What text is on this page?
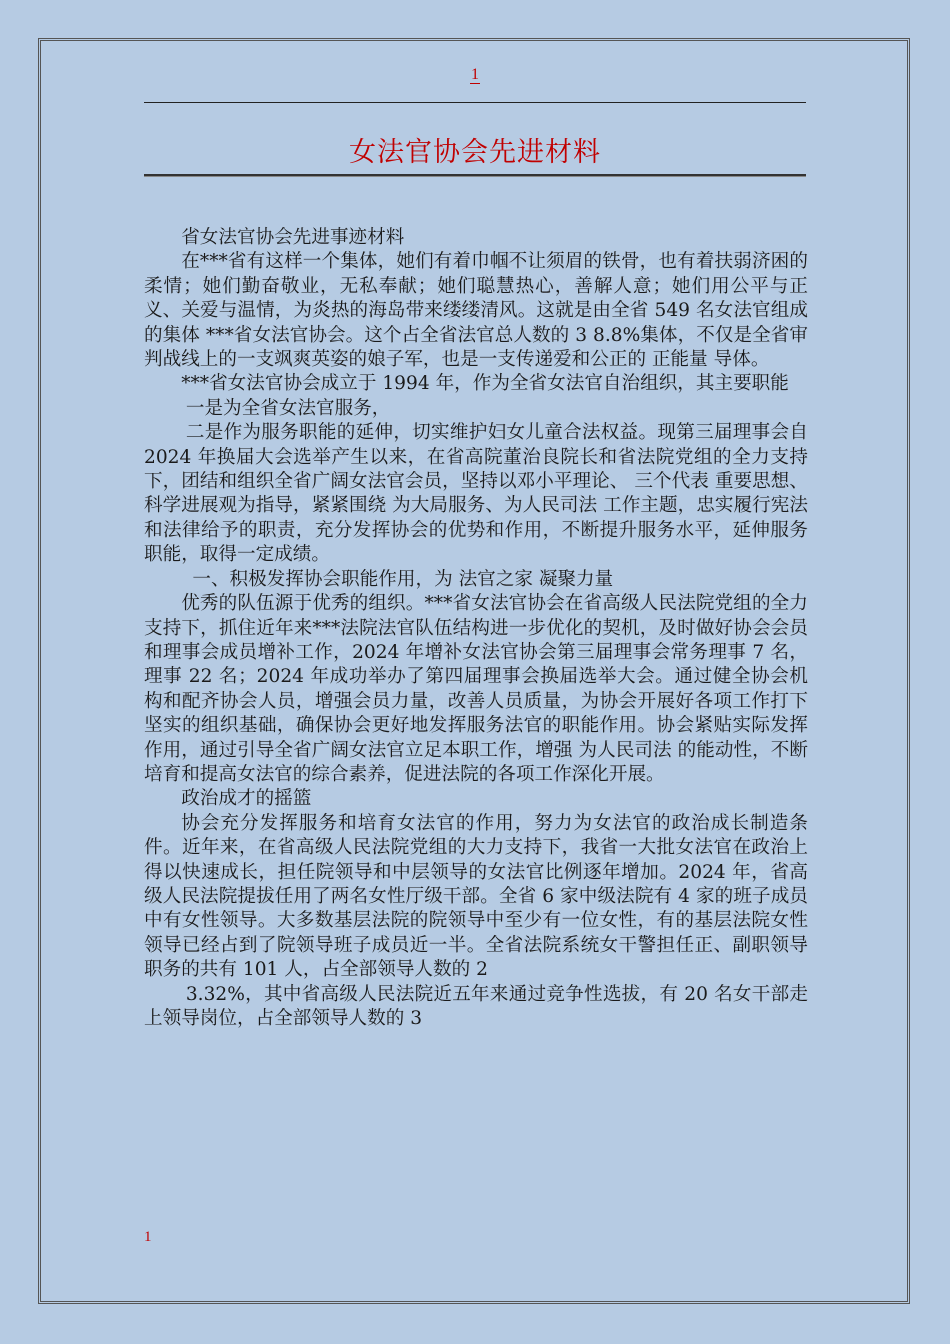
1
女法官协会先进材料

省女法官协会先进事迹材料

在***省有这样一个集体，她们有着巾帼不让须眉的铁骨，也有着扶弱济困的柔情；她们勤奋敬业，无私奉献；她们聪慧热心，善解人意；她们用公平与正义、关爱与温情，为炎热的海岛带来缕缕清风。这就是由全省 549 名女法官组成的集体 ***省女法官协会。这个占全省法官总人数的 3 8.8%集体，不仅是全省审判战线上的一支飒爽英姿的娘子军，也是一支传递爱和公正的 正能量 导体。

***省女法官协会成立于 1994 年，作为全省女法官自治组织，其主要职能

一是为全省女法官服务，

二是作为服务职能的延伸，切实维护妇女儿童合法权益。现第三届理事会自 2024 年换届大会选举产生以来，在省高院董治良院长和省法院党组的全力支持下，团结和组织全省广阔女法官会员，坚持以邓小平理论、 三个代表 重要思想、科学进展观为指导，紧紧围绕 为大局服务、为人民司法 工作主题，忠实履行宪法和法律给予的职责，充分发挥协会的优势和作用，不断提升服务水平，延伸服务职能，取得一定成绩。

一、积极发挥协会职能作用，为 法官之家 凝聚力量

优秀的队伍源于优秀的组织。***省女法官协会在省高级人民法院党组的全力支持下，抓住近年来***法院法官队伍结构进一步优化的契机，及时做好协会会员和理事会成员增补工作，2024 年增补女法官协会第三届理事会常务理事 7 名，理事 22 名；2024 年成功举办了第四届理事会换届选举大会。通过健全协会机构和配齐协会人员，增强会员力量，改善人员质量，为协会开展好各项工作打下坚实的组织基础，确保协会更好地发挥服务法官的职能作用。协会紧贴实际发挥作用，通过引导全省广阔女法官立足本职工作，增强 为人民司法 的能动性，不断培育和提高女法官的综合素养，促进法院的各项工作深化开展。

政治成才的摇篮

协会充分发挥服务和培育女法官的作用，努力为女法官的政治成长制造条件。近年来，在省高级人民法院党组的大力支持下，我省一大批女法官在政治上得以快速成长，担任院领导和中层领导的女法官比例逐年增加。2024 年，省高级人民法院提拔任用了两名女性厅级干部。全省 6 家中级法院有 4 家的班子成员中有女性领导。大多数基层法院的院领导中至少有一位女性，有的基层法院女性领导已经占到了院领导班子成员近一半。全省法院系统女干警担任正、副职领导职务的共有 101 人，占全部领导人数的 2

3.32%，其中省高级人民法院近五年来通过竞争性选拔，有 20 名女干部走上领导岗位，占全部领导人数的 3

1
